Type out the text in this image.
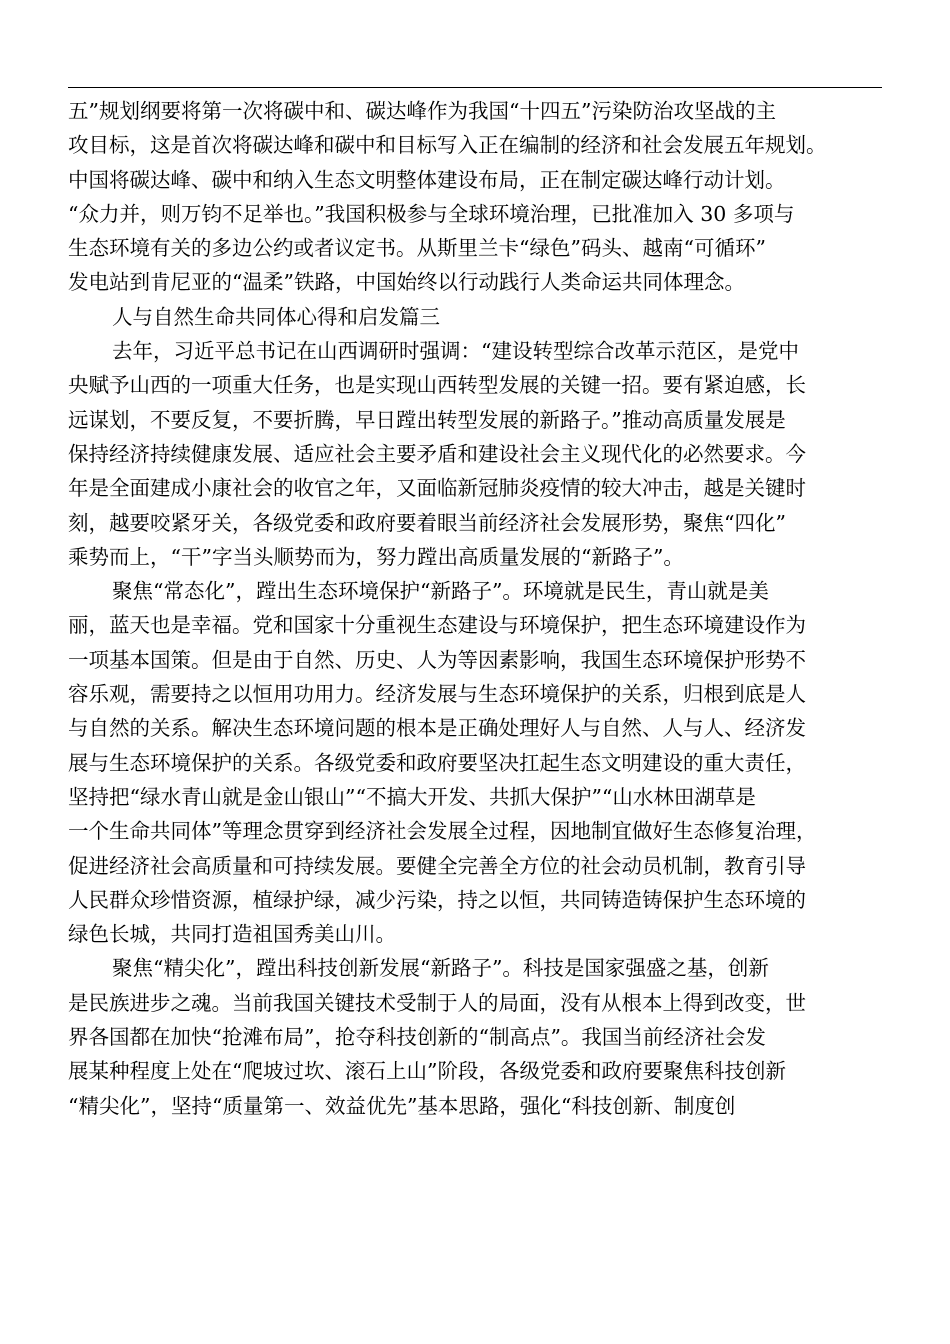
五”规划纲要将第一次将碳中和、碳达峰作为我国“十四五”污染防治攻坚战的主
攻目标，这是首次将碳达峰和碳中和目标写入正在编制的经济和社会发展五年规划。
中国将碳达峰、碳中和纳入生态文明整体建设布局，正在制定碳达峰行动计划。
“众力并，则万钧不足举也。”我国积极参与全球环境治理，已批准加入 30 多项与
生态环境有关的多边公约或者议定书。从斯里兰卡“绿色”码头、越南“可循环”
发电站到肯尼亚的“温柔”铁路，中国始终以行动践行人类命运共同体理念。
人与自然生命共同体心得和启发篇三
去年，习近平总书记在山西调研时强调：“建设转型综合改革示范区，是党中
央赋予山西的一项重大任务，也是实现山西转型发展的关键一招。要有紧迫感，长
远谋划，不要反复，不要折腾，早日蹚出转型发展的新路子。”推动高质量发展是
保持经济持续健康发展、适应社会主要矛盾和建设社会主义现代化的必然要求。今
年是全面建成小康社会的收官之年，又面临新冠肺炎疫情的较大冲击，越是关键时
刻，越要咬紧牙关，各级党委和政府要着眼当前经济社会发展形势，聚焦“四化”
乘势而上，“干”字当头顺势而为，努力蹚出高质量发展的“新路子”。
聚焦“常态化”，蹚出生态环境保护“新路子”。环境就是民生，青山就是美
丽，蓝天也是幸福。党和国家十分重视生态建设与环境保护，把生态环境建设作为
一项基本国策。但是由于自然、历史、人为等因素影响，我国生态环境保护形势不
容乐观，需要持之以恒用功用力。经济发展与生态环境保护的关系，归根到底是人
与自然的关系。解决生态环境问题的根本是正确处理好人与自然、人与人、经济发
展与生态环境保护的关系。各级党委和政府要坚决扛起生态文明建设的重大责任，
坚持把“绿水青山就是金山银山”“不搞大开发、共抓大保护”“山水林田湖草是
一个生命共同体”等理念贯穿到经济社会发展全过程，因地制宜做好生态修复治理，
促进经济社会高质量和可持续发展。要健全完善全方位的社会动员机制，教育引导
人民群众珍惜资源，植绿护绿，减少污染，持之以恒，共同铸造铸保护生态环境的
绿色长城，共同打造祖国秀美山川。
聚焦“精尖化”，蹚出科技创新发展“新路子”。科技是国家强盛之基，创新
是民族进步之魂。当前我国关键技术受制于人的局面，没有从根本上得到改变，世
界各国都在加快“抢滩布局”，抢夺科技创新的“制高点”。我国当前经济社会发
展某种程度上处在“爬坡过坎、滚石上山”阶段，各级党委和政府要聚焦科技创新
“精尖化”，坚持“质量第一、效益优先”基本思路，强化“科技创新、制度创
